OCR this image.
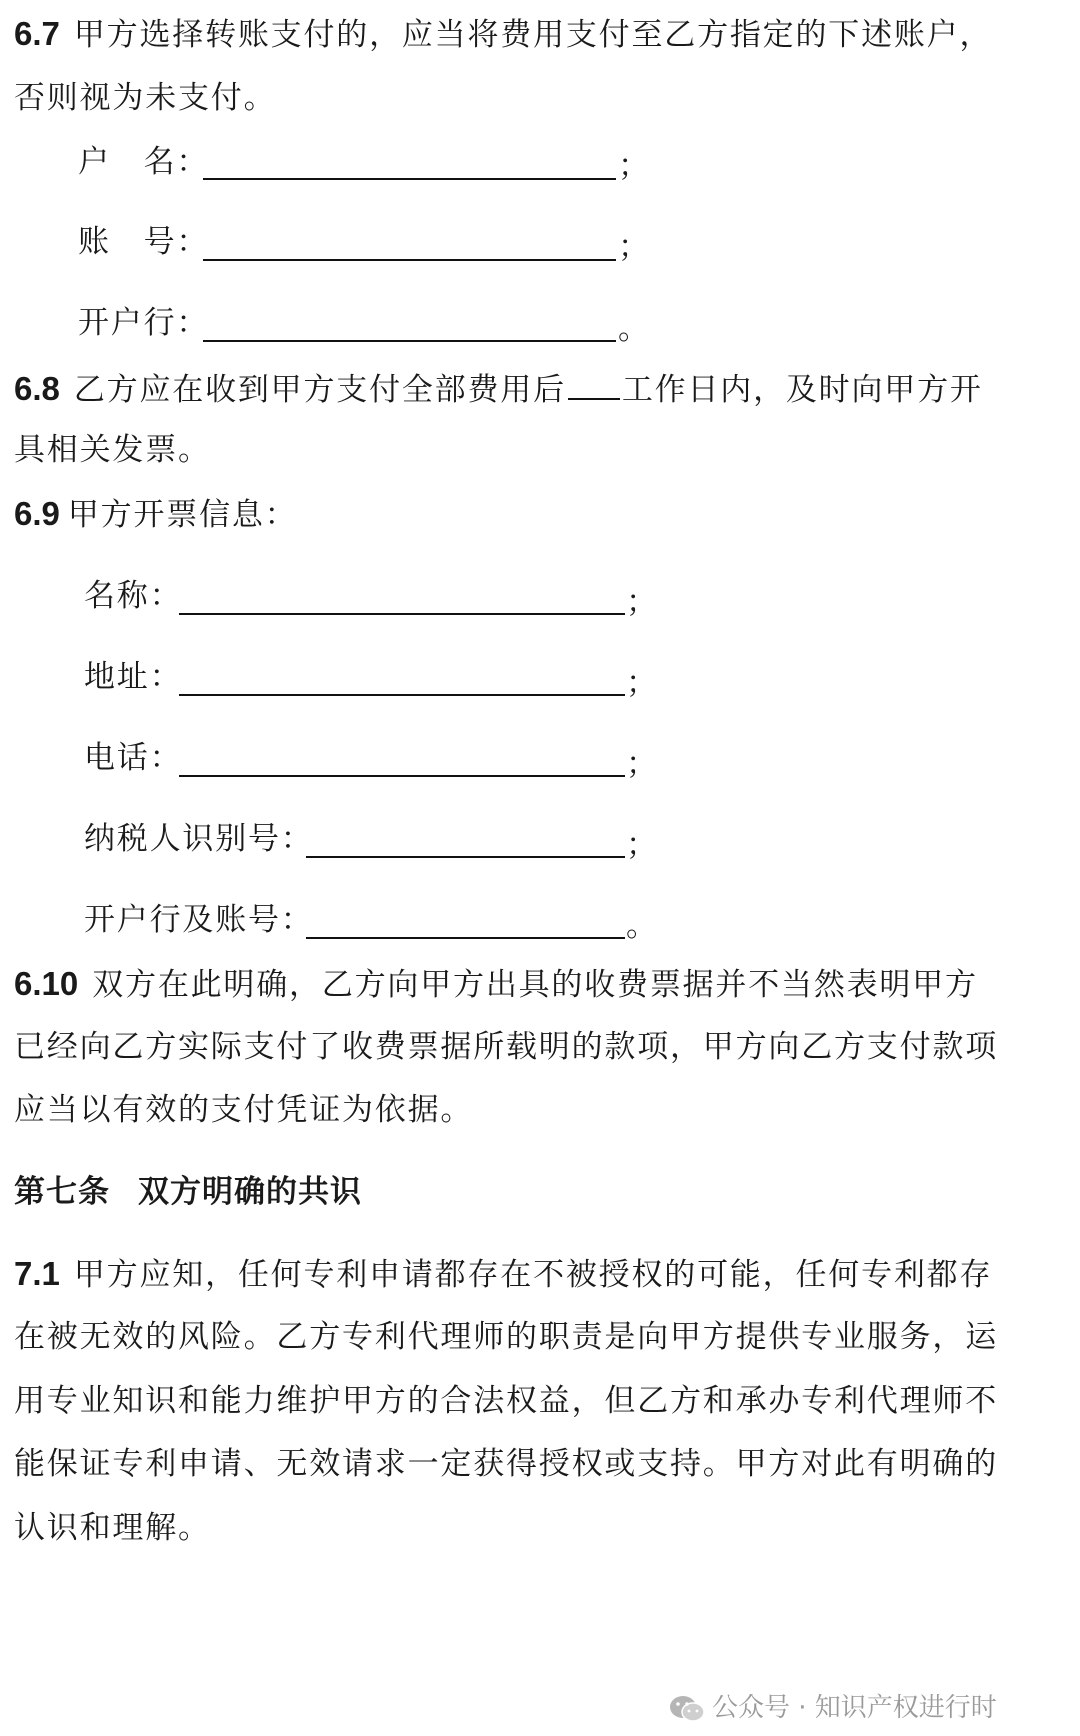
6.7 甲方选择转账支付的，应当将费用支付至乙方指定的下述账户，
否则视为未支付。
户　名：	；
账　号：	；
开户行：	。
6.8 乙方应在收到甲方支付全部费用后 工作日内，及时向甲方开
具相关发票。
6.9 甲方开票信息：
名称：	；
地址：	；
电话：	；
纳税人识别号：	；
开户行及账号：	。
6.10 双方在此明确，乙方向甲方出具的收费票据并不当然表明甲方
已经向乙方实际支付了收费票据所载明的款项，甲方向乙方支付款项
应当以有效的支付凭证为依据。
第七条 双方明确的共识
7.1 甲方应知，任何专利申请都存在不被授权的可能，任何专利都存
在被无效的风险。乙方专利代理师的职责是向甲方提供专业服务，运
用专业知识和能力维护甲方的合法权益，但乙方和承办专利代理师不
能保证专利申请、无效请求一定获得授权或支持。甲方对此有明确的
认识和理解。
公众号 · 知识产权进行时
